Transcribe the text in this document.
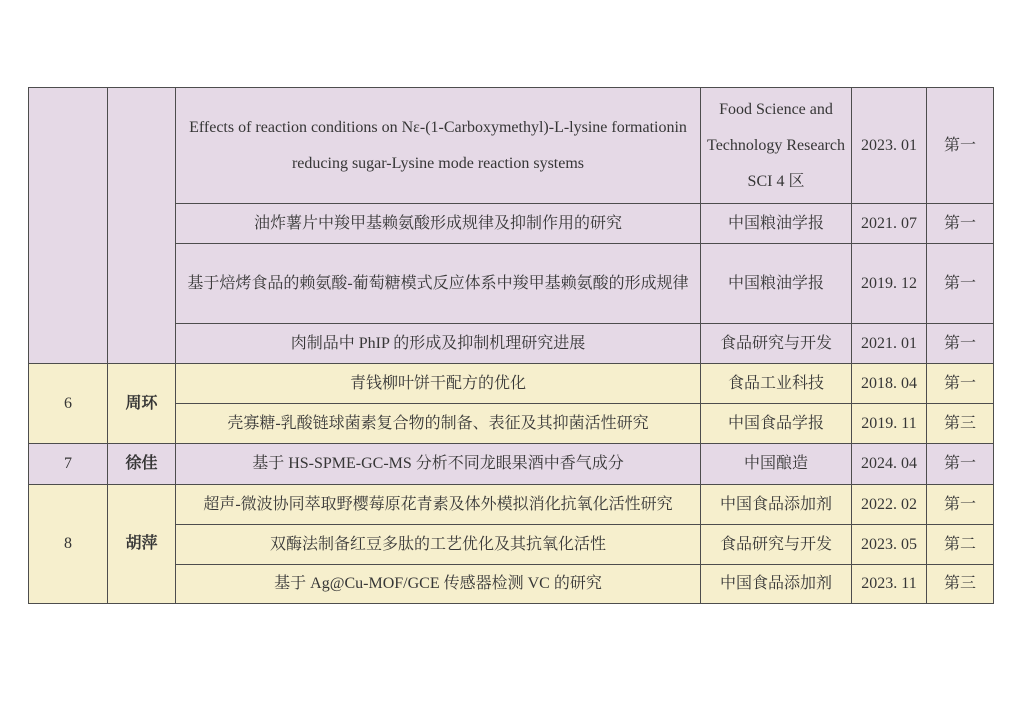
		Effects of reaction conditions on Nε-(1-Carboxymethyl)-L-lysine formationin reducing sugar-Lysine mode reaction systems	Food Science and Technology Research SCI 4 区	2023. 01	第一
		油炸薯片中羧甲基赖氨酸形成规律及抑制作用的研究	中国粮油学报	2021. 07	第一
		基于焙烤食品的赖氨酸-葡萄糖模式反应体系中羧甲基赖氨酸的形成规律	中国粮油学报	2019. 12	第一
		肉制品中 PhIP 的形成及抑制机理研究进展	食品研究与开发	2021. 01	第一
6	周环	青钱柳叶饼干配方的优化	食品工业科技	2018. 04	第一
		壳寡糖-乳酸链球菌素复合物的制备、表征及其抑菌活性研究	中国食品学报	2019. 11	第三
7	徐佳	基于 HS-SPME-GC-MS 分析不同龙眼果酒中香气成分	中国酿造	2024. 04	第一
8	胡萍	超声-微波协同萃取野樱莓原花青素及体外模拟消化抗氧化活性研究	中国食品添加剂	2022. 02	第一
		双酶法制备红豆多肽的工艺优化及其抗氧化活性	食品研究与开发	2023. 05	第二
		基于 Ag@Cu-MOF/GCE 传感器检测 VC 的研究	中国食品添加剂	2023. 11	第三
